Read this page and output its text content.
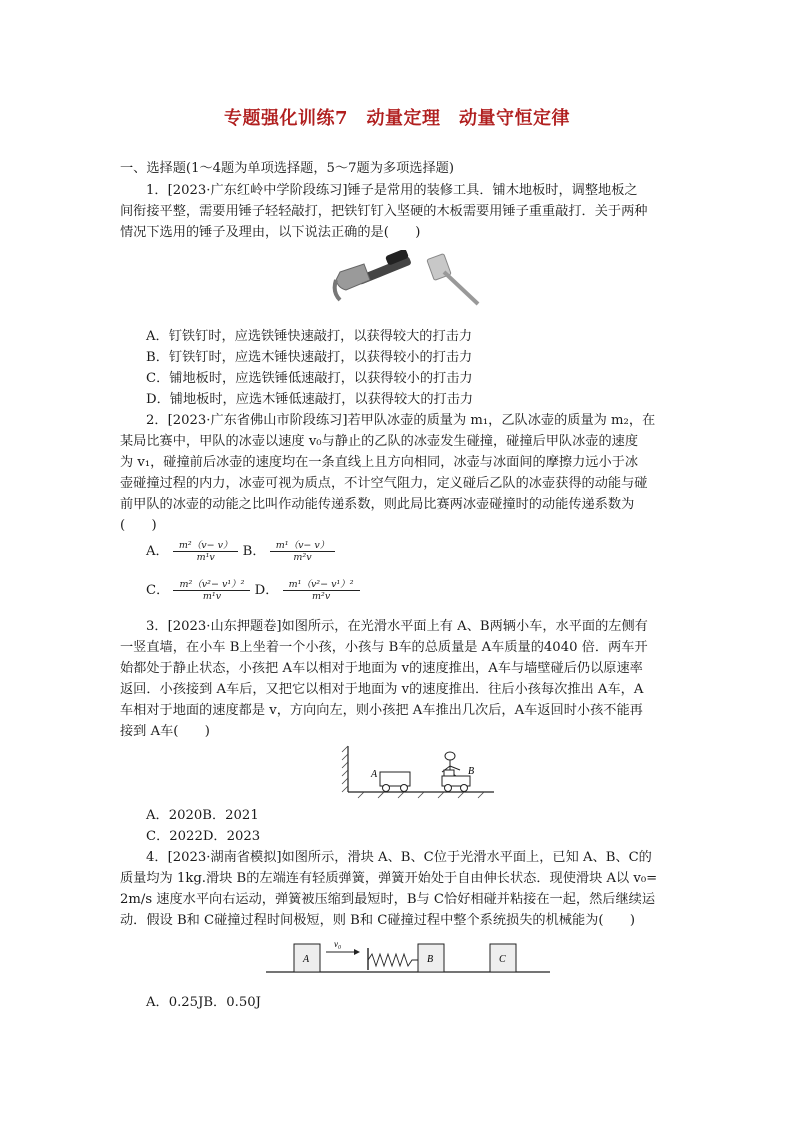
专题强化训练7　动量定理　动量守恒定律
一、选择题(1～4题为单项选择题，5～7题为多项选择题)
1．[2023·广东红岭中学阶段练习]锤子是常用的装修工具．铺木地板时，调整地板之
间衔接平整，需要用锤子轻轻敲打，把铁钉钉入坚硬的木板需要用锤子重重敲打．关于两种
情况下选用的锤子及理由，以下说法正确的是(　　)
A．钉铁钉时，应选铁锤快速敲打，以获得较大的打击力
B．钉铁钉时，应选木锤快速敲打，以获得较小的打击力
C．铺地板时，应选铁锤低速敲打，以获得较小的打击力
D．铺地板时，应选木锤低速敲打，以获得较大的打击力
2．[2023·广东省佛山市阶段练习]若甲队冰壶的质量为 m₁，乙队冰壶的质量为 m₂，在
某局比赛中，甲队的冰壶以速度 v₀与静止的乙队的冰壶发生碰撞，碰撞后甲队冰壶的速度
为 v₁，碰撞前后冰壶的速度均在一条直线上且方向相同，冰壶与冰面间的摩擦力远小于冰
壶碰撞过程的内力，冰壶可视为质点，不计空气阻力，定义碰后乙队的冰壶获得的动能与碰
前甲队的冰壶的动能之比叫作动能传递系数，则此局比赛两冰壶碰撞时的动能传递系数为
(　　)
A． $\frac{\text{m²（v− v）}}{\text{m¹v}}$ B． $\frac{\text{m¹（v− v）}}{\text{m²v}}$
C． $\frac{\text{m²（v²− v¹）²}}{\text{m¹v}}$ D． $\frac{\text{m¹（v²− v¹）²}}{\text{m²v}}$
3．[2023·山东押题卷]如图所示，在光滑水平面上有 A、B两辆小车，水平面的左侧有
一竖直墙，在小车 B上坐着一个小孩，小孩与 B车的总质量是 A车质量的4040 倍．两车开
始都处于静止状态，小孩把 A车以相对于地面为 v的速度推出，A车与墙壁碰后仍以原速率
返回．小孩接到 A车后，又把它以相对于地面为 v的速度推出．往后小孩每次推出 A车，A
车相对于地面的速度都是 v，方向向左，则小孩把 A车推出几次后，A车返回时小孩不能再
接到 A车(　　)
A	B
A．2020B．2021
C．2022D．2023
4．[2023·湖南省模拟]如图所示，滑块 A、B、C位于光滑水平面上，已知 A、B、C的
质量均为 1kg.滑块 B的左端连有轻质弹簧，弹簧开始处于自由伸长状态．现使滑块 A以 v₀=
2m/s 速度水平向右运动，弹簧被压缩到最短时，B与 C恰好相碰并粘接在一起，然后继续运
动．假设 B和 C碰撞过程时间极短，则 B和 C碰撞过程中整个系统损失的机械能为(　　)
A
v₀
B	C
A．0.25JB．0.50J
